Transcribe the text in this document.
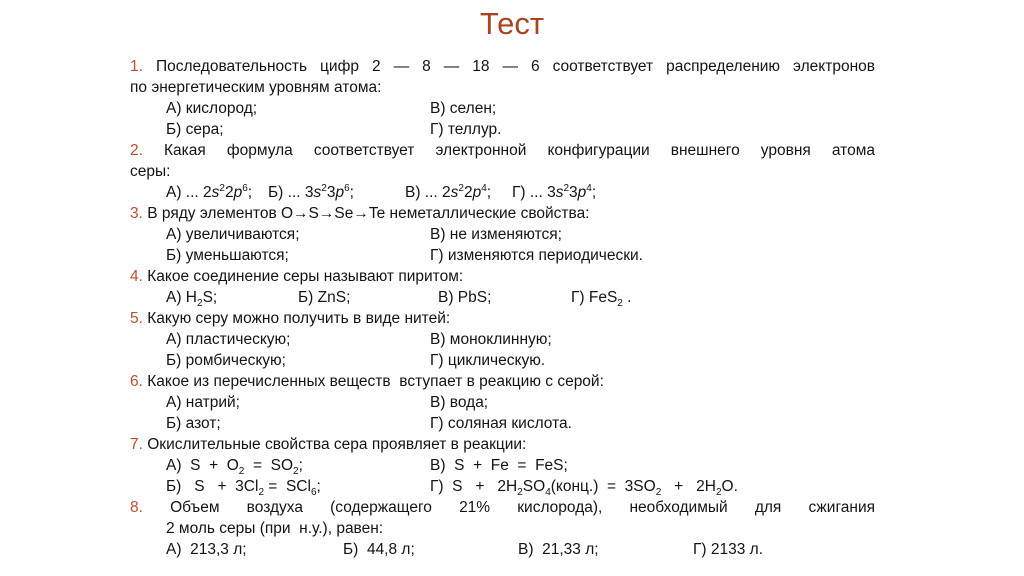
Тест
1. Последовательность цифр 2 — 8 — 18 — 6 соответствует распределению электронов
по энергетическим уровням атома:
А) кислород;	В) селен;
Б) сера;	Г) теллур.
2. Какая формула соответствует электронной конфигурации внешнего уровня атома
серы:
А) ... $2s^22p^6$; Б) ... $3s^23p^6$;	В) ... $2s^22p^4$; Г) ... $3s^23p^4$;
3. В ряду элементов O→S→Se→Te неметаллические свойства:
А) увеличиваются;	В) не изменяются;
Б) уменьшаются;	Г) изменяются периодически.
4. Какое соединение серы называют пиритом:
А) $H_2S$;	Б) ZnS;	В) PbS;	Г) FeS$_2$ .
5. Какую серу можно получить в виде нитей:
А) пластическую;	В) моноклинную;
Б) ромбическую;	Г) циклическую.
6. Какое из перечисленных веществ  вступает в реакцию с серой:
А) натрий;	В) вода;
Б) азот;	Г) соляная кислота.
7. Окислительные свойства сера проявляет в реакции:
А)  $S + O_2 = SO_2$;	В)  S  +  Fe  =  FeS;
Б)   $S + 3Cl_2 = SCl_6$;	Г)  $S + 2H_2SO_4(конц.) = 3SO_2 + 2H_2O$.
8. Объем воздуха (содержащего 21% кислорода), необходимый для сжигания
2 моль серы (при  н.у.), равен:
А)  213,3 л;	Б)  44,8 л;	В)  21,33 л;	Г) 2133 л.
